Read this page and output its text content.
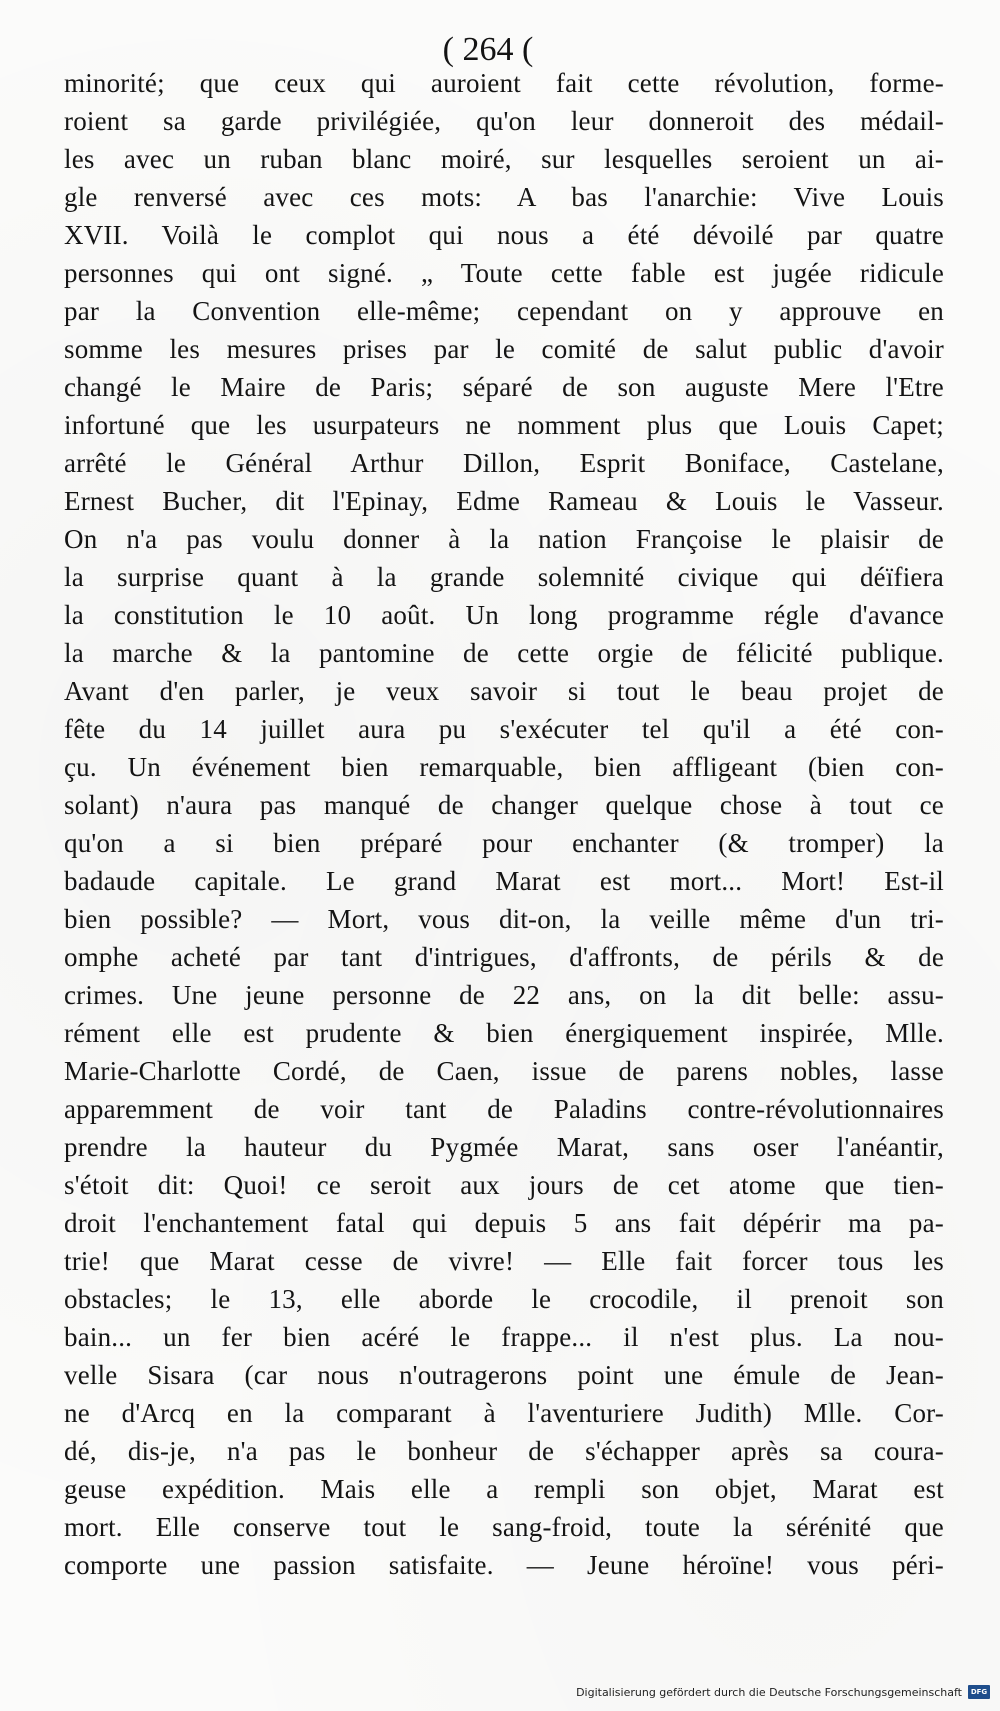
( 264 (
minorité; que ceux qui auroient fait cette révolution, forme-
roient sa garde privilégiée, qu'on leur donneroit des médail-
les avec un ruban blanc moiré, sur lesquelles seroient un ai-
gle renversé avec ces mots: A bas l'anarchie: Vive Louis
XVII. Voilà le complot qui nous a été dévoilé par quatre
personnes qui ont signé. „ Toute cette fable est jugée ridicule
par la Convention elle-même; cependant on y approuve en
somme les mesures prises par le comité de salut public d'avoir
changé le Maire de Paris; séparé de son auguste Mere l'Etre
infortuné que les usurpateurs ne nomment plus que Louis Capet;
arrêté le Général Arthur Dillon, Esprit Boniface, Castelane,
Ernest Bucher, dit l'Epinay, Edme Rameau & Louis le Vasseur.
On n'a pas voulu donner à la nation Françoise le plaisir de
la surprise quant à la grande solemnité civique qui déïfiera
la constitution le 10 août. Un long programme régle d'avance
la marche & la pantomine de cette orgie de félicité publique.
Avant d'en parler, je veux savoir si tout le beau projet de
fête du 14 juillet aura pu s'exécuter tel qu'il a été con-
çu. Un événement bien remarquable, bien affligeant (bien con-
solant) n'aura pas manqué de changer quelque chose à tout ce
qu'on a si bien préparé pour enchanter (& tromper) la
badaude capitale. Le grand Marat est mort... Mort! Est-il
bien possible? — Mort, vous dit-on, la veille même d'un tri-
omphe acheté par tant d'intrigues, d'affronts, de périls & de
crimes. Une jeune personne de 22 ans, on la dit belle: assu-
rément elle est prudente & bien énergiquement inspirée, Mlle.
Marie-Charlotte Cordé, de Caen, issue de parens nobles, lasse
apparemment de voir tant de Paladins contre-révolutionnaires
prendre la hauteur du Pygmée Marat, sans oser l'anéantir,
s'étoit dit: Quoi! ce seroit aux jours de cet atome que tien-
droit l'enchantement fatal qui depuis 5 ans fait dépérir ma pa-
trie! que Marat cesse de vivre! — Elle fait forcer tous les
obstacles; le 13, elle aborde le crocodile, il prenoit son
bain... un fer bien acéré le frappe... il n'est plus. La nou-
velle Sisara (car nous n'outragerons point une émule de Jean-
ne d'Arcq en la comparant à l'aventuriere Judith) Mlle. Cor-
dé, dis-je, n'a pas le bonheur de s'échapper après sa coura-
geuse expédition. Mais elle a rempli son objet, Marat est
mort. Elle conserve tout le sang-froid, toute la sérénité que
comporte une passion satisfaite. — Jeune héroïne! vous péri-
Digitalisierung gefördert durch die Deutsche Forschungsgemeinschaft	DFG
